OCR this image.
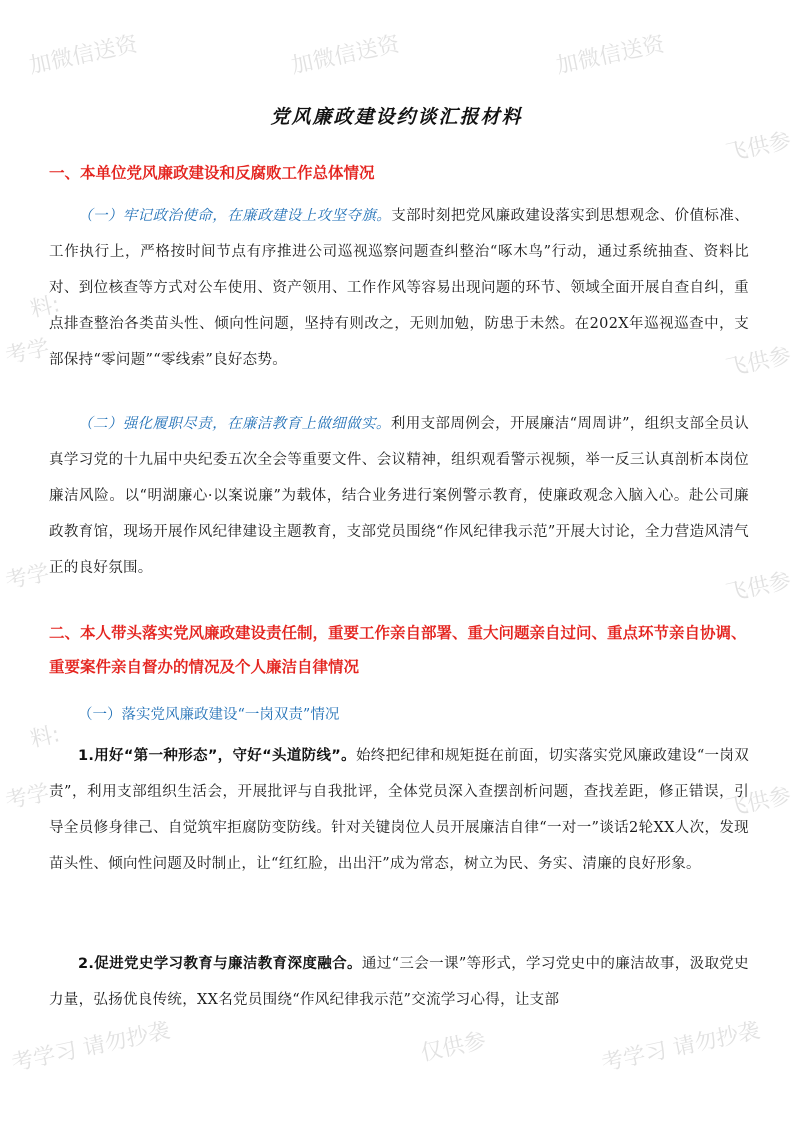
加微信送资	加微信送资	加微信送资
料:
考学
飞供参
飞供参
飞供参
飞供参
料:
考学
考学
考学习 请勿抄袭	仅供参	考学习 请勿抄袭
党风廉政建设约谈汇报材料
一、本单位党风廉政建设和反腐败工作总体情况
（一）牢记政治使命，在廉政建设上攻坚夺旗。支部时刻把党风廉政建设落实到思想观念、价值标准、工作执行上，严格按时间节点有序推进公司巡视巡察问题查纠整治“啄木鸟”行动，通过系统抽查、资料比对、到位核查等方式对公车使用、资产领用、工作作风等容易出现问题的环节、领域全面开展自查自纠，重点排查整治各类苗头性、倾向性问题，坚持有则改之，无则加勉，防患于未然。在202X年巡视巡查中，支部保持“零问题”“零线索”良好态势。
（二）强化履职尽责，在廉洁教育上做细做实。利用支部周例会，开展廉洁“周周讲”，组织支部全员认真学习党的十九届中央纪委五次全会等重要文件、会议精神，组织观看警示视频，举一反三认真剖析本岗位廉洁风险。以“明湖廉心·以案说廉”为载体，结合业务进行案例警示教育，使廉政观念入脑入心。赴公司廉政教育馆，现场开展作风纪律建设主题教育，支部党员围绕“作风纪律我示范”开展大讨论，全力营造风清气正的良好氛围。
二、本人带头落实党风廉政建设责任制，重要工作亲自部署、重大问题亲自过问、重点环节亲自协调、重要案件亲自督办的情况及个人廉洁自律情况
（一）落实党风廉政建设“一岗双责”情况
1.用好“第一种形态”，守好“头道防线”。始终把纪律和规矩挺在前面，切实落实党风廉政建设“一岗双责”，利用支部组织生活会，开展批评与自我批评，全体党员深入查摆剖析问题，查找差距，修正错误，引导全员修身律己、自觉筑牢拒腐防变防线。针对关键岗位人员开展廉洁自律“一对一”谈话2轮XX人次，发现苗头性、倾向性问题及时制止，让“红红脸，出出汗”成为常态，树立为民、务实、清廉的良好形象。
2.促进党史学习教育与廉洁教育深度融合。通过“三会一课”等形式，学习党史中的廉洁故事，汲取党史力量，弘扬优良传统，XX名党员围绕“作风纪律我示范”交流学习心得，让支部
